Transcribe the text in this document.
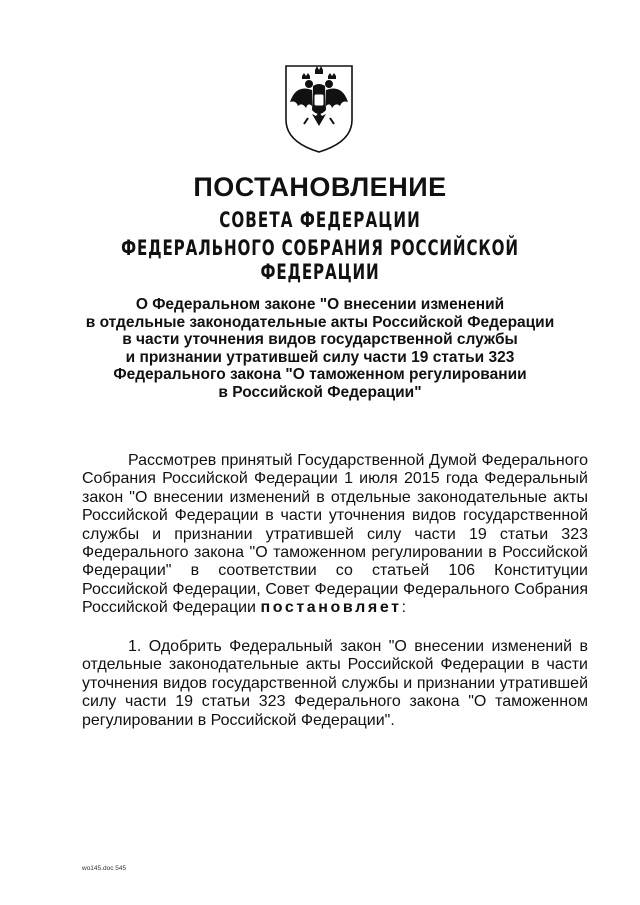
ПОСТАНОВЛЕНИЕ
СОВЕТА ФЕДЕРАЦИИ
ФЕДЕРАЛЬНОГО СОБРАНИЯ РОССИЙСКОЙ ФЕДЕРАЦИИ
О Федеральном законе "О внесении изменений
в отдельные законодательные акты Российской Федерации
в части уточнения видов государственной службы
и признании утратившей силу части 19 статьи 323
Федерального закона "О таможенном регулировании
в Российской Федерации"
Рассмотрев принятый Государственной Думой Федерального Собрания Российской Федерации 1 июля 2015 года Федеральный закон "О внесении изменений в отдельные законодательные акты Российской Федерации в части уточнения видов государственной службы и признании утратившей силу части 19 статьи 323 Федерального закона "О таможенном регулировании в Российской Федерации" в соответствии со статьей 106 Конституции Российской Федерации, Совет Федерации Федерального Собрания Российской Федерации постановляет:
1. Одобрить Федеральный закон "О внесении изменений в отдельные законодательные акты Российской Федерации в части уточнения видов государственной службы и признании утратившей силу части 19 статьи 323 Федерального закона "О таможенном регулировании в Российской Федерации".
wo145.doc 545
